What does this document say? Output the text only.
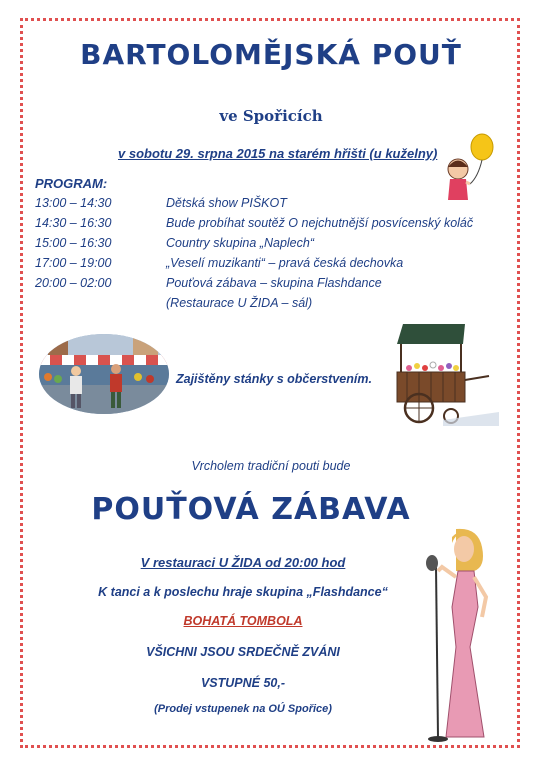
BARTOLOMĚJSKÁ POUŤ
ve Spořicích
v sobotu 29. srpna 2015 na starém hřišti (u kuželny)
PROGRAM:
13:00 – 14:30	Dětská show PIŠKOT
14:30 – 16:30	Bude probíhat soutěž O nejchutnější posvícenský koláč
15:00 – 16:30	Country skupina „Naplech“
17:00 – 19:00	„Veselí muzikanti“ – pravá česká dechovka
20:00 – 02:00	Pouťová zábava – skupina Flashdance
(Restaurace U ŽIDA – sál)
Zajištěny stánky s občerstvením.
Vrcholem tradiční pouti bude
POUŤOVÁ ZÁBAVA
V restauraci U ŽIDA od 20:00 hod
K tanci a k poslechu hraje skupina „Flashdance“
BOHATÁ TOMBOLA
VŠICHNI JSOU SRDEČNĚ ZVÁNI
VSTUPNÉ 50,-
(Prodej vstupenek na OÚ Spořice)
